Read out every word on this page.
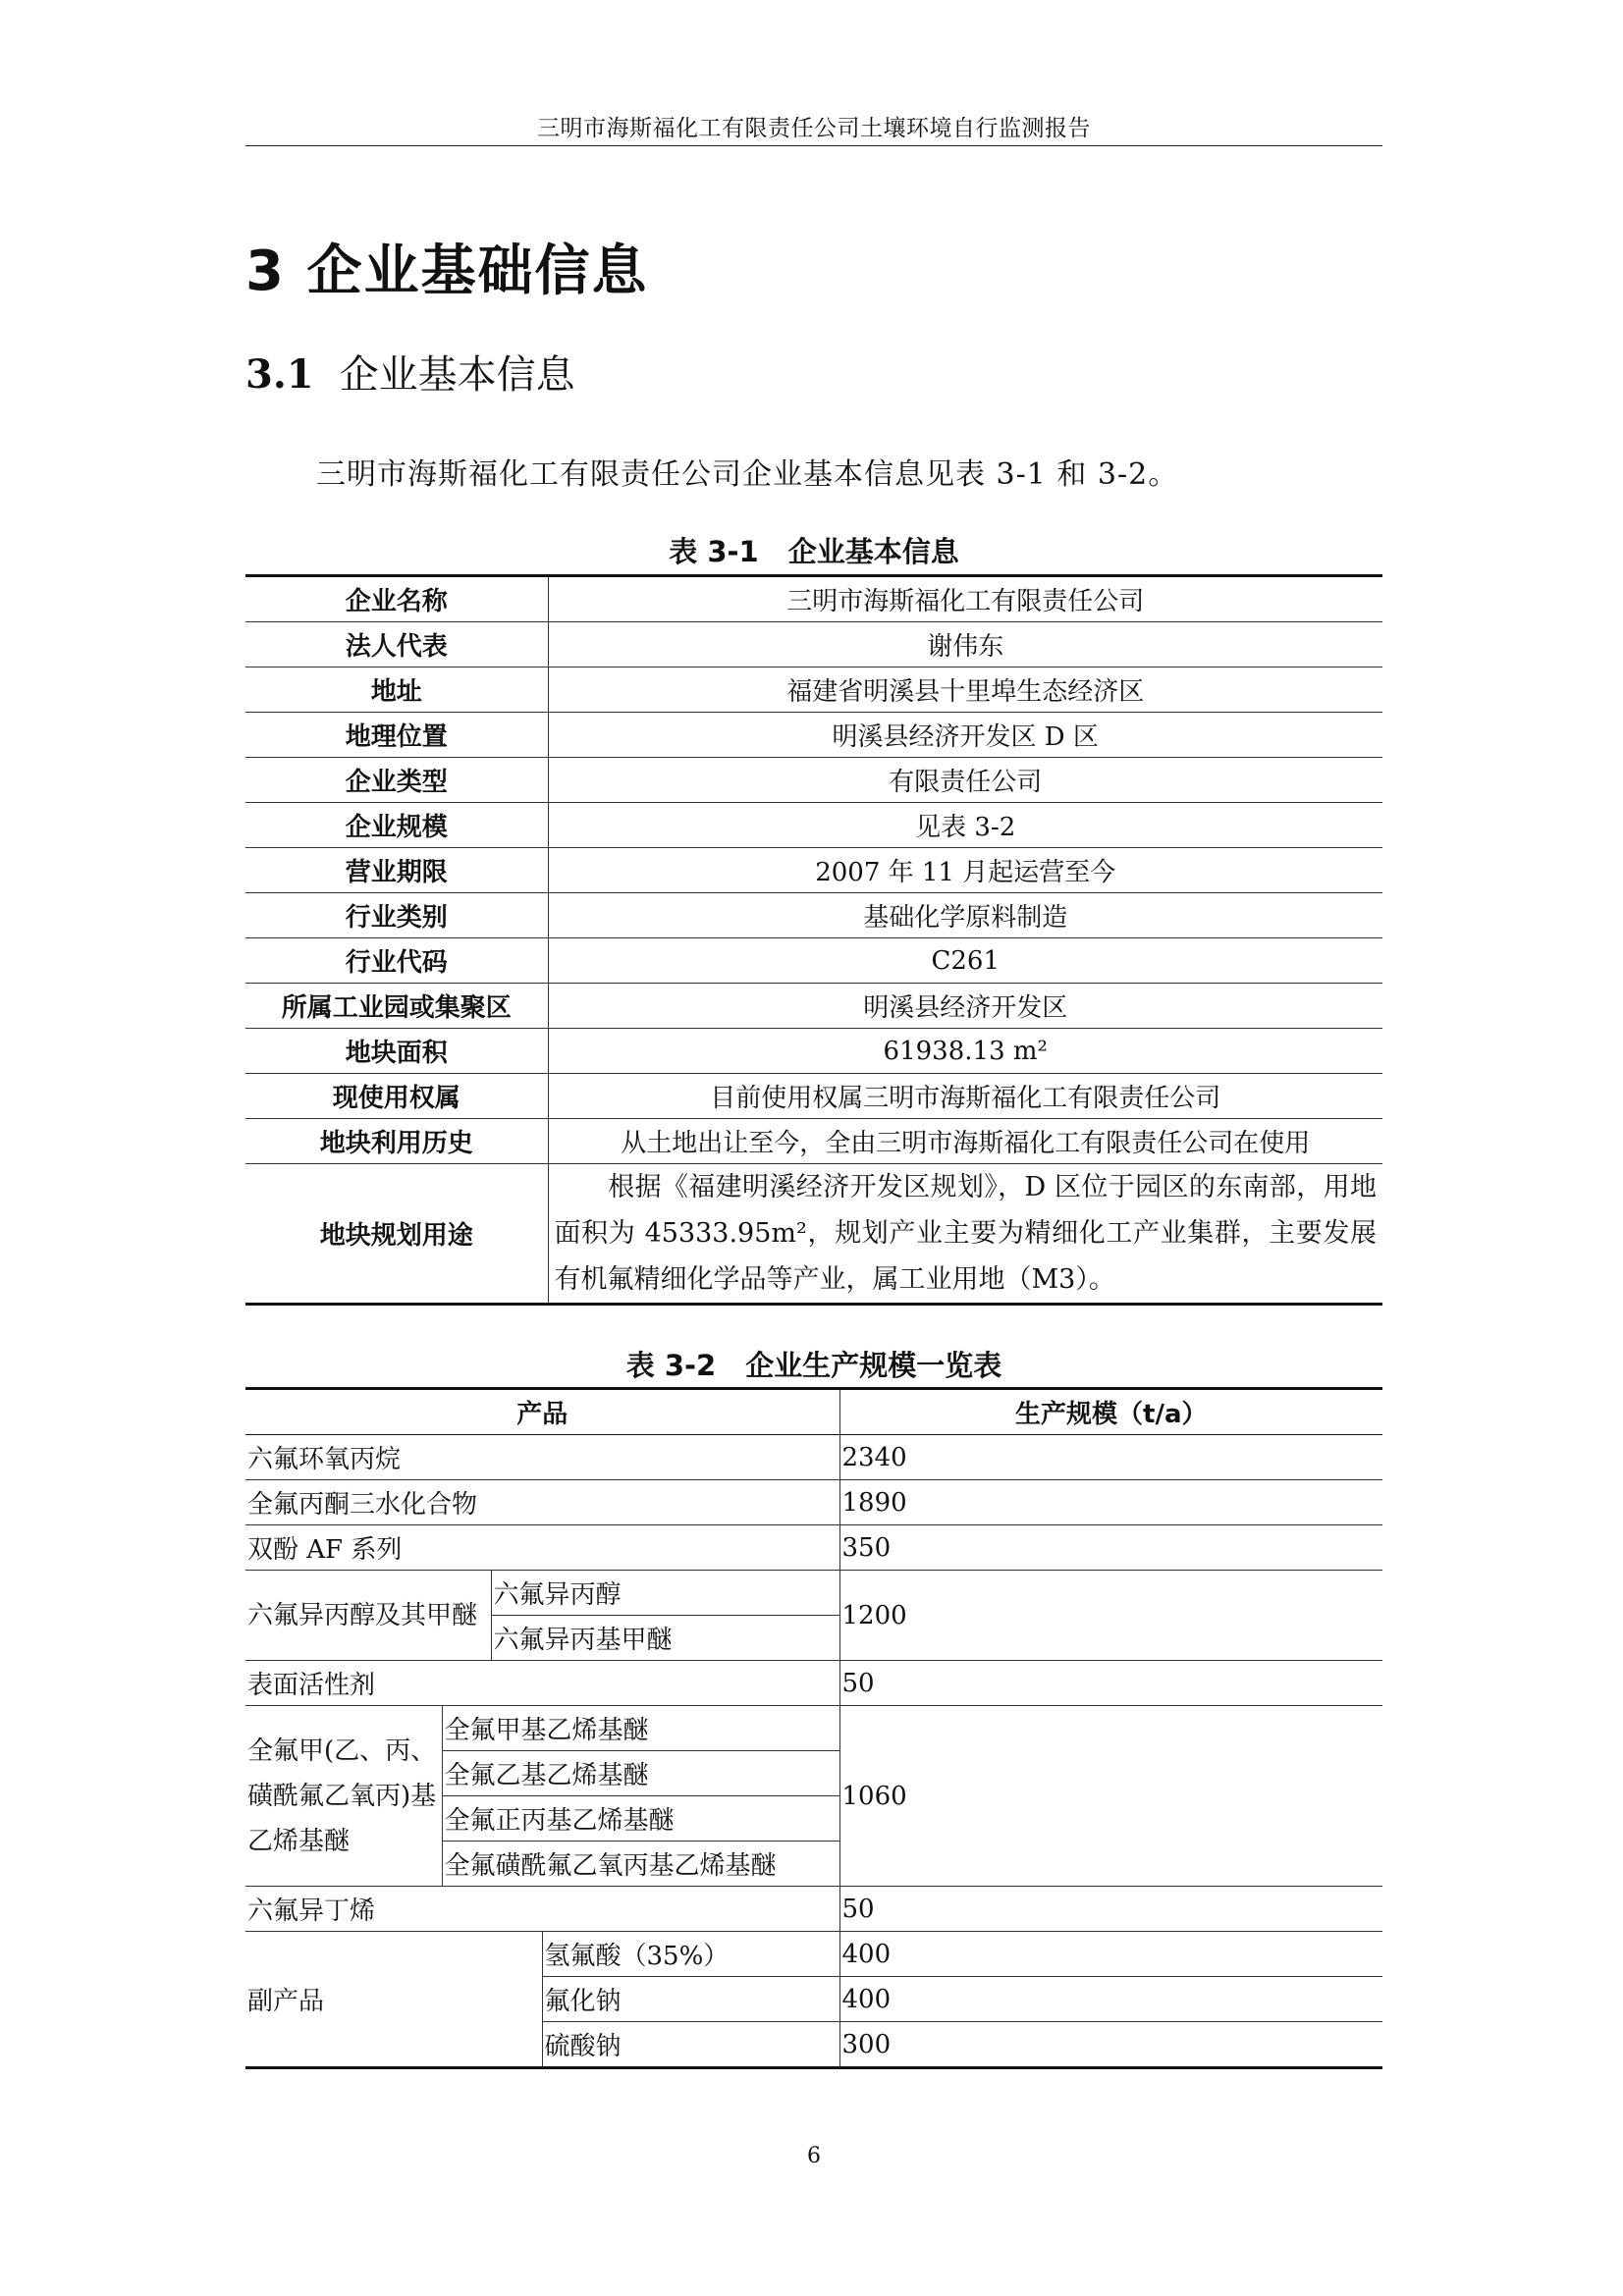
三明市海斯福化工有限责任公司土壤环境自行监测报告
3 企业基础信息
3.1 企业基本信息
三明市海斯福化工有限责任公司企业基本信息见表 3-1 和 3-2。
表 3-1 企业基本信息
企业名称	三明市海斯福化工有限责任公司
法人代表	谢伟东
地址	福建省明溪县十里埠生态经济区
地理位置	明溪县经济开发区 D 区
企业类型	有限责任公司
企业规模	见表 3-2
营业期限	2007 年 11 月起运营至今
行业类别	基础化学原料制造
行业代码	C261
所属工业园或集聚区	明溪县经济开发区
地块面积	61938.13 m²
现使用权属	目前使用权属三明市海斯福化工有限责任公司
地块利用历史	从土地出让至今，全由三明市海斯福化工有限责任公司在使用
地块规划用途	　　根据《福建明溪经济开发区规划》，D 区位于园区的东南部，用地面积为 45333.95m²，规划产业主要为精细化工产业集群，主要发展有机氟精细化学品等产业，属工业用地（M3）。
表 3-2 企业生产规模一览表
产品				生产规模（t/a）
六氟环氧丙烷				2340
全氟丙酮三水化合物				1890
双酚 AF 系列				350
六氟异丙醇及其甲醚		六氟异丙醇		1200
		六氟异丙基甲醚		
表面活性剂				50
全氟甲(乙、丙、磺酰氟乙氧丙)基乙烯基醚	全氟甲基乙烯基醚			1060
	全氟乙基乙烯基醚			
	全氟正丙基乙烯基醚			
	全氟磺酰氟乙氧丙基乙烯基醚			
六氟异丁烯				50
副产品			氢氟酸（35%）	400
			氟化钠	400
			硫酸钠	300
6
